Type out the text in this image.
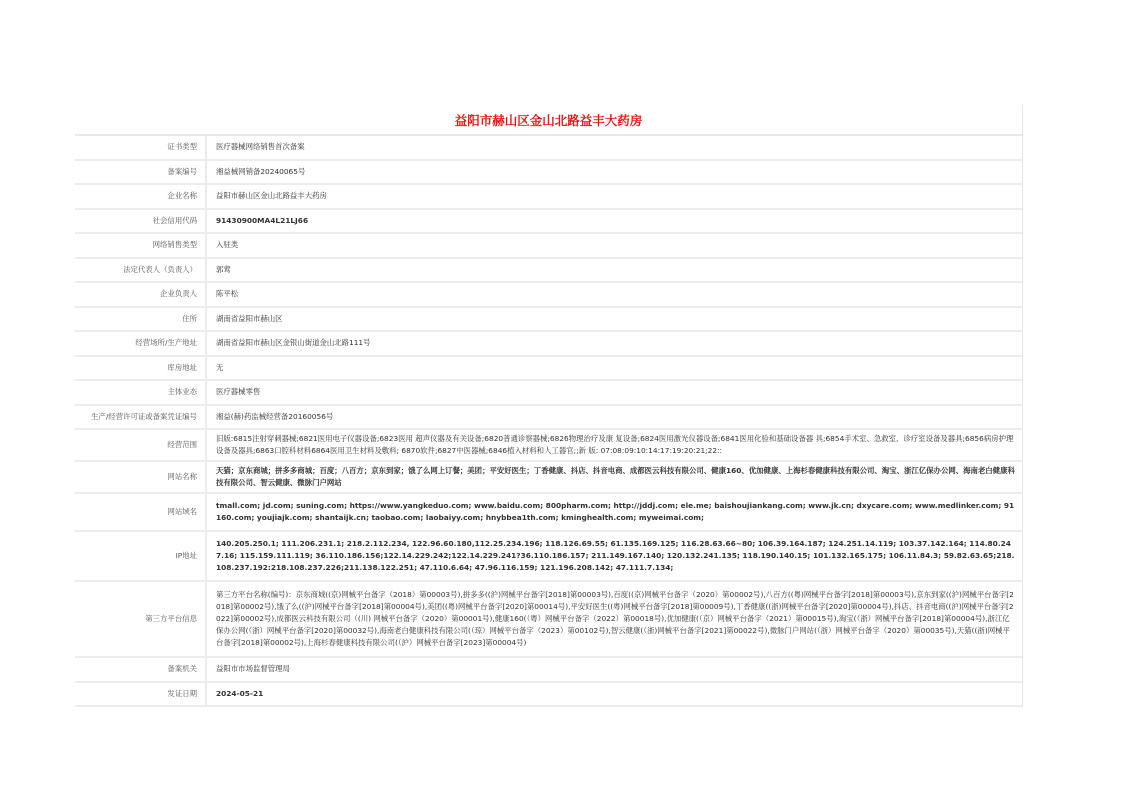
益阳市赫山区金山北路益丰大药房
证书类型	医疗器械网络销售首次备案
备案编号	湘益械网销备20240065号
企业名称	益阳市赫山区金山北路益丰大药房
社会信用代码	91430900MA4L21LJ66
网络销售类型	入驻类
法定代表人（负责人）	郭莺
企业负责人	陈平松
住所	湖南省益阳市赫山区
经营场所/生产地址	湖南省益阳市赫山区金银山街道金山北路111号
库房地址	无
主体业态	医疗器械零售
生产/经营许可证或备案凭证编号	湘益(赫)药监械经营备20160056号
经营范围	旧版:6815注射穿刺器械;6821医用电子仪器设备;6823医用 超声仪器及有关设备;6820普通诊察器械;6826物理治疗及康 复设备;6824医用激光仪器设备;6841医用化验和基础设备器 具;6854手术室、急救室、诊疗室设备及器具;6856病房护理 设备及器具;6863口腔科材料6864医用卫生材料及敷料; 6870软件;6827中医器械;6846植入材料和人工器官;;新 版: 07:08:09:10:14:17:19:20:21;22::
网站名称	天猫；京东商城；拼多多商城；百度；八百方；京东到家；饿了么网上订餐；美团；平安好医生；丁香健康、抖店、抖音电商、成都医云科技有限公司、健康160、优加健康、上海杉春健康科技有限公司、淘宝、浙江亿保办公网、海南老白健康科技有限公司、智云健康、微脉门户网站
网站域名	tmall.com; jd.com; suning.com; https://www.yangkeduo.com; www.baidu.com; 800pharm.com; http://jddj.com; ele.me; baishoujiankang.com; www.jk.cn; dxycare.com; www.medlinker.com; 91160.com; youjiajk.com; shantaijk.cn; taobao.com; laobaiyy.com; hnybbea1th.com; kminghealth.com; myweimai.com;
IP地址	140.205.250.1; 111.206.231.1; 218.2.112.234, 122.96.60.180,112.25.234.196; 118.126.69.55; 61.135.169.125; 116.28.63.66~80; 106.39.164.187; 124.251.14.119; 103.37.142.164; 114.80.247.16; 115.159.111.119; 36.110.186.156;122.14.229.242;122.14.229.241?36.110.186.157; 211.149.167.140; 120.132.241.135; 118.190.140.15; 101.132.165.175; 106.11.84.3; 59.82.63.65;218.108.237.192:218.108.237.226;211.138.122.251; 47.110.6.64; 47.96.116.159; 121.196.208.142; 47.111.7.134;
第三方平台信息	第三方平台名称(编号)：京东商城((京)网械平台备字（2018）第00003号),拼多多((沪)网械平台备字[2018]第00003号),百度((京)网械平台备字（2020）第00002号),八百方((粤)网械平台备字[2018]第00003号),京东到家((沪)网械平台备字[2018]第00002号),饿了么((沪)网械平台备字[2018]第00004号),美团((粤)网械平台备字[2020]第00014号),平安好医生((粤)网械平台备字[2018]第00009号),丁香健康((浙)网械平台备字[2020]第00004号),抖店、抖音电商((沪)网械平台备字[2022]第00002号),成都医云科技有限公司（(川) 网械平台备字（2020）第00001号),健康160(（粤）网械平台备字（2022）第00018号),优加健康(（京）网械平台备字（2021）第00015号),淘宝(（浙）网械平台备字[2018]第00004号),浙江亿保办公网(（浙）网械平台备字[2020]第00032号),海南老白健康科技有限公司(（琼）网械平台备字（2023）第00102号),智云健康(（浙)网械平台备字[2021]第00022号),微脉门户网站(（浙）网械平台备字（2020）第00035号),天猫((浙)网械平台备字[2018]第00002号),上海杉春健康科技有限公司(（沪）网械平台备字[2023]第00004号)
备案机关	益阳市市场监督管理局
发证日期	2024-05-21
